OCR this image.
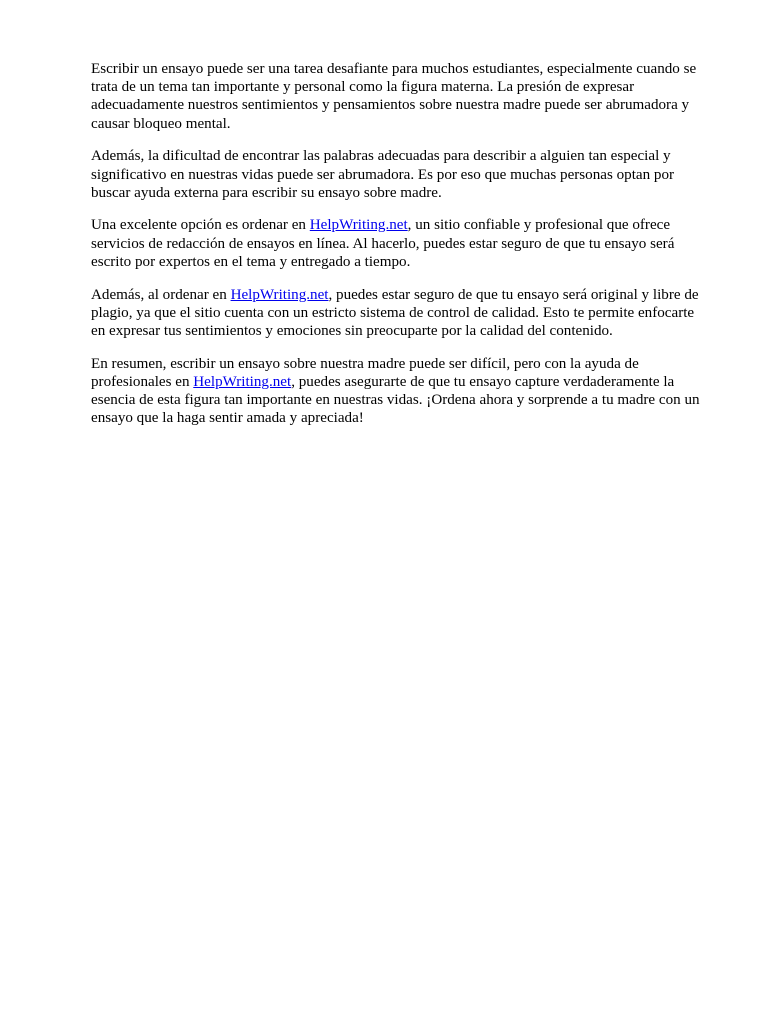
Escribir un ensayo puede ser una tarea desafiante para muchos estudiantes, especialmente cuando se
trata de un tema tan importante y personal como la figura materna. La presión de expresar
adecuadamente nuestros sentimientos y pensamientos sobre nuestra madre puede ser abrumadora y
causar bloqueo mental.

Además, la dificultad de encontrar las palabras adecuadas para describir a alguien tan especial y
significativo en nuestras vidas puede ser abrumadora. Es por eso que muchas personas optan por
buscar ayuda externa para escribir su ensayo sobre madre.

Una excelente opción es ordenar en HelpWriting.net, un sitio confiable y profesional que ofrece
servicios de redacción de ensayos en línea. Al hacerlo, puedes estar seguro de que tu ensayo será
escrito por expertos en el tema y entregado a tiempo.

Además, al ordenar en HelpWriting.net, puedes estar seguro de que tu ensayo será original y libre de
plagio, ya que el sitio cuenta con un estricto sistema de control de calidad. Esto te permite enfocarte
en expresar tus sentimientos y emociones sin preocuparte por la calidad del contenido.

En resumen, escribir un ensayo sobre nuestra madre puede ser difícil, pero con la ayuda de
profesionales en HelpWriting.net, puedes asegurarte de que tu ensayo capture verdaderamente la
esencia de esta figura tan importante en nuestras vidas. ¡Ordena ahora y sorprende a tu madre con un
ensayo que la haga sentir amada y apreciada!
